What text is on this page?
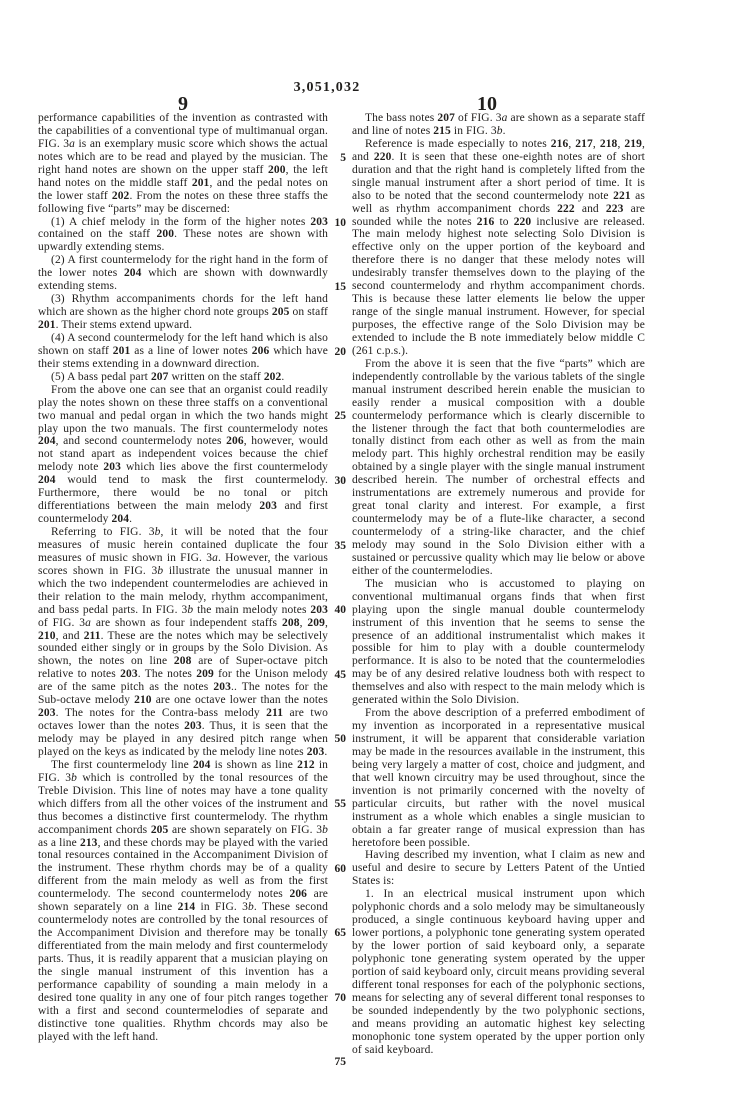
3,051,032
9	10

performance capabilities of the invention as contrasted with the capabilities of a conventional type of multimanual organ. FIG. 3a is an exemplary music score which shows the actual notes which are to be read and played by the musician. The right hand notes are shown on the upper staff 200, the left hand notes on the middle staff 201, and the pedal notes on the lower staff 202. From the notes on these three staffs the following five “parts” may be discerned:

(1) A chief melody in the form of the higher notes 203 contained on the staff 200. These notes are shown with upwardly extending stems.

(2) A first countermelody for the right hand in the form of the lower notes 204 which are shown with downwardly extending stems.

(3) Rhythm accompaniments chords for the left hand which are shown as the higher chord note groups 205 on staff 201. Their stems extend upward.

(4) A second countermelody for the left hand which is also shown on staff 201 as a line of lower notes 206 which have their stems extending in a downward direction.

(5) A bass pedal part 207 written on the staff 202.

From the above one can see that an organist could readily play the notes shown on these three staffs on a conventional two manual and pedal organ in which the two hands might play upon the two manuals. The first countermelody notes 204, and second countermelody notes 206, however, would not stand apart as independent voices because the chief melody note 203 which lies above the first countermelody 204 would tend to mask the first countermelody. Furthermore, there would be no tonal or pitch differentiations between the main melody 203 and first countermelody 204.

Referring to FIG. 3b, it will be noted that the four measures of music herein contained duplicate the four measures of music shown in FIG. 3a. However, the various scores shown in FIG. 3b illustrate the unusual manner in which the two independent countermelodies are achieved in their relation to the main melody, rhythm accompaniment, and bass pedal parts. In FIG. 3b the main melody notes 203 of FIG. 3a are shown as four independent staffs 208, 209, 210, and 211. These are the notes which may be selectively sounded either singly or in groups by the Solo Division. As shown, the notes on line 208 are of Super-octave pitch relative to notes 203. The notes 209 for the Unison melody are of the same pitch as the notes 203.. The notes for the Sub-octave melody 210 are one octave lower than the notes 203. The notes for the Contra-bass melody 211 are two octaves lower than the notes 203. Thus, it is seen that the melody may be played in any desired pitch range when played on the keys as indicated by the melody line notes 203.

The first countermelody line 204 is shown as line 212 in FIG. 3b which is controlled by the tonal resources of the Treble Division. This line of notes may have a tone quality which differs from all the other voices of the instrument and thus becomes a distinctive first countermelody. The rhythm accompaniment chords 205 are shown separately on FIG. 3b as a line 213, and these chords may be played with the varied tonal resources contained in the Accompaniment Division of the instrument. These rhythm chords may be of a quality different from the main melody as well as from the first countermelody. The second countermelody notes 206 are shown separately on a line 214 in FIG. 3b. These second countermelody notes are controlled by the tonal resources of the Accompaniment Division and therefore may be tonally differentiated from the main melody and first countermelody parts. Thus, it is readily apparent that a musician playing on the single manual instrument of this invention has a performance capability of sounding a main melody in a desired tone quality in any one of four pitch ranges together with a first and second countermelodies of separate and distinctive tone qualities. Rhythm chcords may also be played with the left hand.

The bass notes 207 of FIG. 3a are shown as a separate staff and line of notes 215 in FIG. 3b.

Reference is made especially to notes 216, 217, 218, 219, and 220. It is seen that these one-eighth notes are of short duration and that the right hand is completely lifted from the single manual instrument after a short period of time. It is also to be noted that the second countermelody note 221 as well as rhythm accompaniment chords 222 and 223 are sounded while the notes 216 to 220 inclusive are released. The main melody highest note selecting Solo Division is effective only on the upper portion of the keyboard and therefore there is no danger that these melody notes will undesirably transfer themselves down to the playing of the second countermelody and rhythm accompaniment chords. This is because these latter elements lie below the upper range of the single manual instrument. However, for special purposes, the effective range of the Solo Division may be extended to include the B note immediately below middle C (261 c.p.s.).

From the above it is seen that the five “parts” which are independently controllable by the various tablets of the single manual instrument described herein enable the musician to easily render a musical composition with a double countermelody performance which is clearly discernible to the listener through the fact that both countermelodies are tonally distinct from each other as well as from the main melody part. This highly orchestral rendition may be easily obtained by a single player with the single manual instrument described herein. The number of orchestral effects and instrumentations are extremely numerous and provide for great tonal clarity and interest. For example, a first countermelody may be of a flute-like character, a second countermelody of a string-like character, and the chief melody may sound in the Solo Division either with a sustained or percussive quality which may lie below or above either of the countermelodies.

The musician who is accustomed to playing on conventional multimanual organs finds that when first playing upon the single manual double countermelody instrument of this invention that he seems to sense the presence of an additional instrumentalist which makes it possible for him to play with a double countermelody performance. It is also to be noted that the countermelodies may be of any desired relative loudness both with respect to themselves and also with respect to the main melody which is generated within the Solo Division.

From the above description of a preferred embodiment of my invention as incorporated in a representative musical instrument, it will be apparent that considerable variation may be made in the resources available in the instrument, this being very largely a matter of cost, choice and judgment, and that well known circuitry may be used throughout, since the invention is not primarily concerned with the novelty of particular circuits, but rather with the novel musical instrument as a whole which enables a single musician to obtain a far greater range of musical expression than has heretofore been possible.

Having described my invention, what I claim as new and useful and desire to secure by Letters Patent of the Untied States is:

1. In an electrical musical instrument upon which polyphonic chords and a solo melody may be simultaneously produced, a single continuous keyboard having upper and lower portions, a polyphonic tone generating system operated by the lower portion of said keyboard only, a separate polyphonic tone generating system operated by the upper portion of said keyboard only, circuit means providing several different tonal responses for each of the polyphonic sections, means for selecting any of several different tonal responses to be sounded independently by the two polyphonic sections, and means providing an automatic highest key selecting monophonic tone system operated by the upper portion only of said keyboard.

5
10
15
20
25
30
35
40
45
50
55
60
65
70
75
